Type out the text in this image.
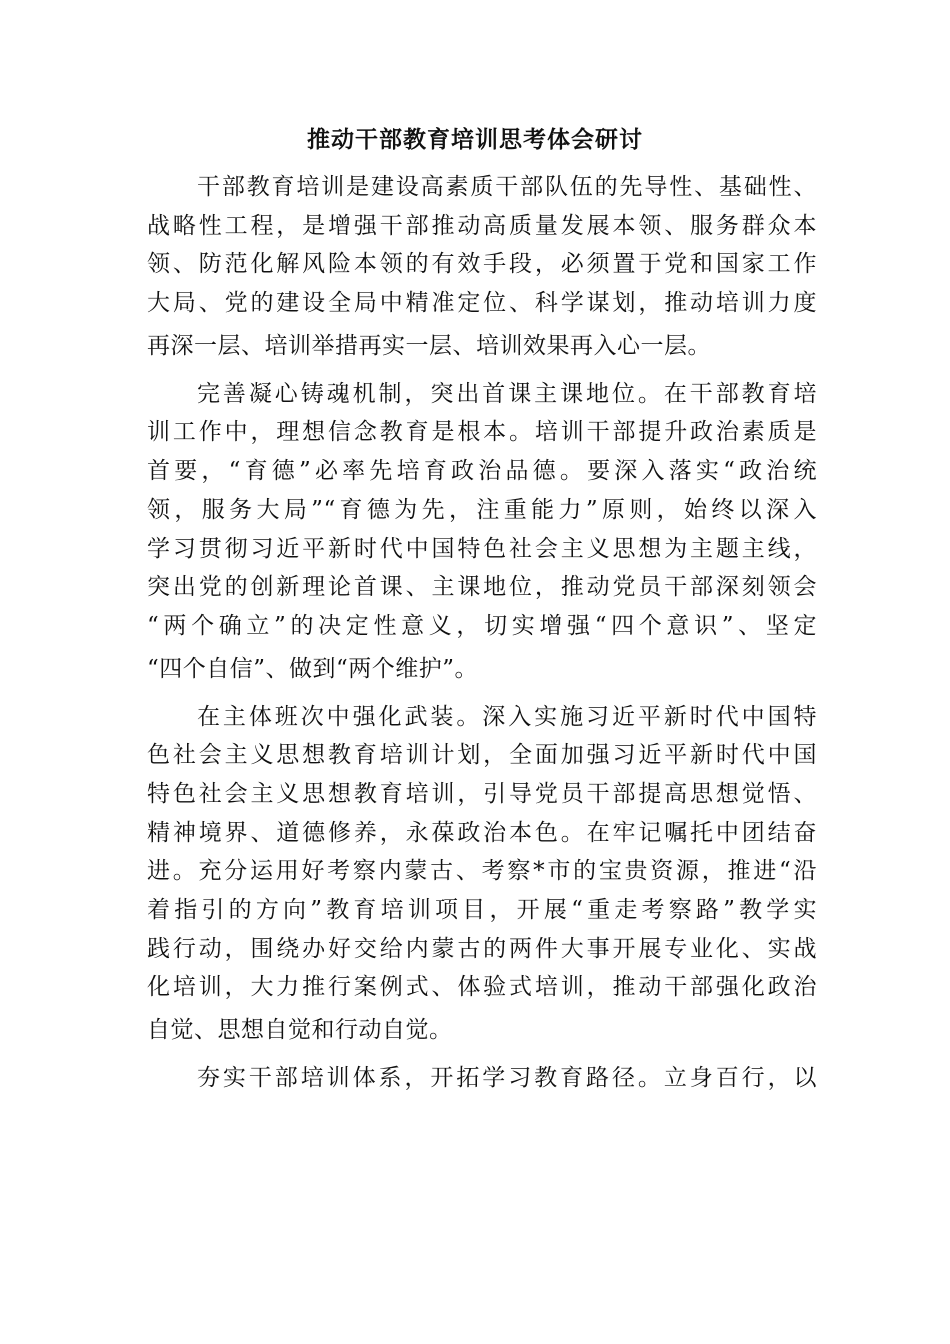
推动干部教育培训思考体会研讨
干部教育培训是建设高素质干部队伍的先导性、基础性、
战略性工程，是增强干部推动高质量发展本领、服务群众本
领、防范化解风险本领的有效手段，必须置于党和国家工作
大局、党的建设全局中精准定位、科学谋划，推动培训力度
再深一层、培训举措再实一层、培训效果再入心一层。
完善凝心铸魂机制，突出首课主课地位。在干部教育培
训工作中，理想信念教育是根本。培训干部提升政治素质是
首要，“育德”必率先培育政治品德。要深入落实“政治统
领，服务大局”“育德为先，注重能力”原则，始终以深入
学习贯彻习近平新时代中国特色社会主义思想为主题主线，
突出党的创新理论首课、主课地位，推动党员干部深刻领会
“两个确立”的决定性意义，切实增强“四个意识”、坚定
“四个自信”、做到“两个维护”。
在主体班次中强化武装。深入实施习近平新时代中国特
色社会主义思想教育培训计划，全面加强习近平新时代中国
特色社会主义思想教育培训，引导党员干部提高思想觉悟、
精神境界、道德修养，永葆政治本色。在牢记嘱托中团结奋
进。充分运用好考察内蒙古、考察*市的宝贵资源，推进“沿
着指引的方向”教育培训项目，开展“重走考察路”教学实
践行动，围绕办好交给内蒙古的两件大事开展专业化、实战
化培训，大力推行案例式、体验式培训，推动干部强化政治
自觉、思想自觉和行动自觉。
夯实干部培训体系，开拓学习教育路径。立身百行，以
